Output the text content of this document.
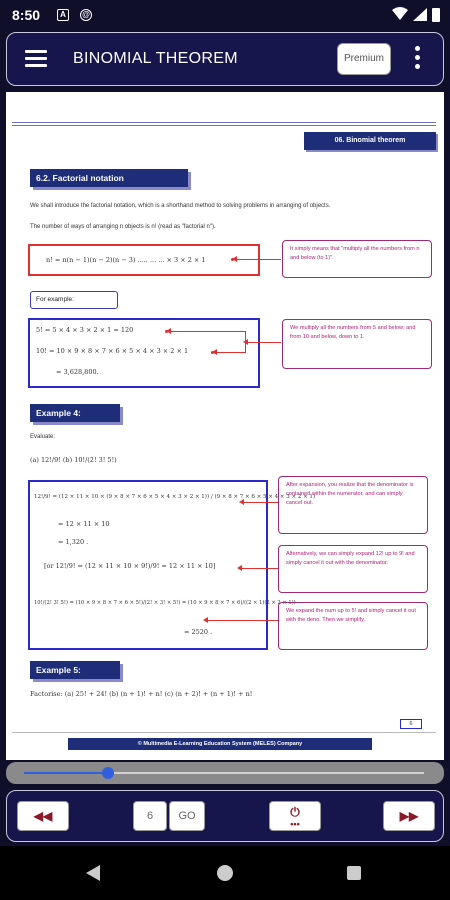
8:50	A	@
BINOMIAL THEOREM	Premium
06. Binomial theorem
6.2. Factorial notation
We shall introduce the factorial notation, which is a shorthand method to solving problems in arranging of objects.
The number of ways of arranging n objects is n! (read as "factorial n").
n! = n(n − 1)(n − 2)(n − 3) ..... ... ... × 3 × 2 × 1
It simply means that "multiply all the numbers from n and below (to 1)".
For example:
5! = 5 × 4 × 3 × 2 × 1 = 120
10! = 10 × 9 × 8 × 7 × 6 × 5 × 4 × 3 × 2 × 1
= 3,628,800.
We multiply all the numbers from 5 and below; and from 10 and below, down to 1.
Example 4:
Evaluate:
(a) 12!/9! (b) 10!/(2! 3! 5!)
12!/9! = (12 × 11 × 10 × (9 × 8 × 7 × 6 × 5 × 4 × 3 × 2 × 1)) / (9 × 8 × 7 × 6 × 5 × 4 × 3 × 2 × 1)
= 12 × 11 × 10
= 1,320 .
[or 12!/9! = (12 × 11 × 10 × 9!)/9! = 12 × 11 × 10]
10!/(2! 3! 5!) = (10 × 9 × 8 × 7 × 6 × 5!)/(2! × 3! × 5!) = (10 × 9 × 8 × 7 × 6)/((2 × 1)(3 × 2 × 1))
= 2520 .
After expansion, you realize that the denominator is contained within the numerator, and can simply cancel out.
Alternatively, we can simply expand 12! up to 9! and simply cancel it out with the denominator.
We expand the num up to 5! and simply cancel it out with the deno. Then we simplify.
Example 5:
Factorise: (a) 25! + 24! (b) (n + 1)! + n! (c) (n + 2)! + (n + 1)! + n!
6
© Multimedia E-Learning Education System (MELES) Company
◀◀	6	GO	⏻
•••
▶▶
